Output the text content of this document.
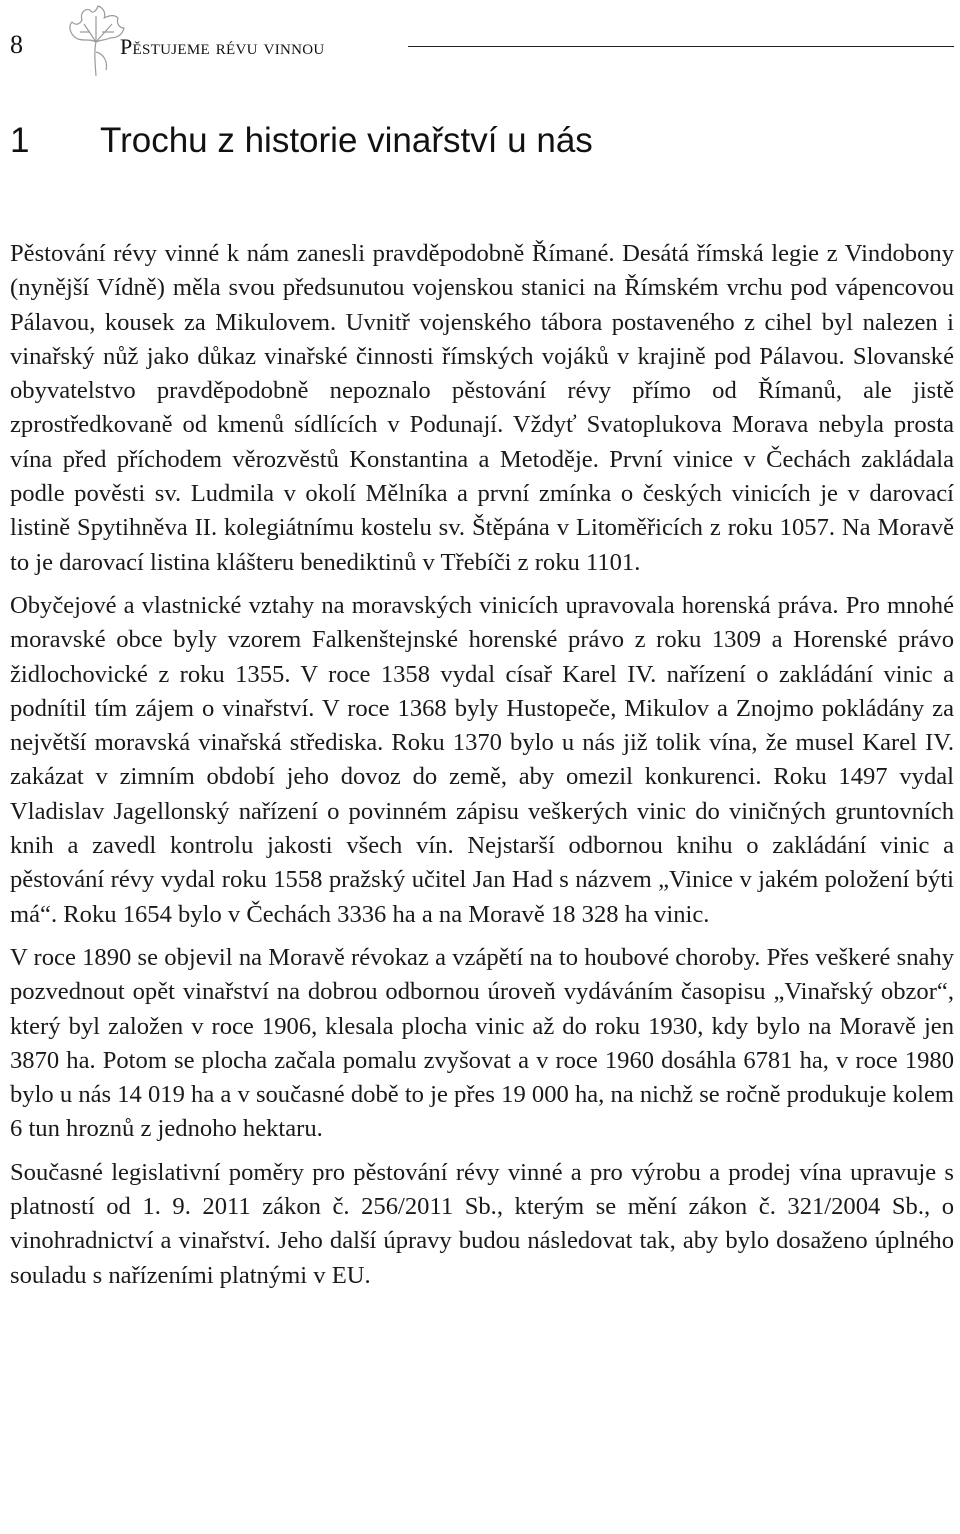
8	Pěstujeme révu vinnou
1 Trochu z historie vinařství u nás

Pěstování révy vinné k nám zanesli pravděpodobně Římané. Desátá římská legie z Vindobony (nynější Vídně) měla svou předsunutou vojenskou stanici na Římském vrchu pod vápencovou Pálavou, kousek za Mikulovem. Uvnitř vojenského tábora postaveného z cihel byl nalezen i vinařský nůž jako důkaz vinařské činnosti římských vojáků v krajině pod Pálavou. Slovanské obyvatelstvo pravděpodobně nepoznalo pěstování révy přímo od Římanů, ale jistě zprostředkovaně od kmenů sídlících v Podunají. Vždyť Svatoplukova Morava nebyla prosta vína před příchodem věrozvěstů Konstantina a Metoděje. První vinice v Čechách zakládala podle pověsti sv. Ludmila v okolí Mělníka a první zmínka o českých vinicích je v darovací listině Spytihněva II. kolegiátnímu kostelu sv. Štěpána v Litoměřicích z roku 1057. Na Moravě to je darovací listina klášteru benediktinů v Třebíči z roku 1101.

Obyčejové a vlastnické vztahy na moravských vinicích upravovala horenská práva. Pro mnohé moravské obce byly vzorem Falkenštejnské horenské právo z roku 1309 a Horenské právo židlochovické z roku 1355. V roce 1358 vydal císař Karel IV. nařízení o zakládání vinic a podnítil tím zájem o vinařství. V roce 1368 byly Hustopeče, Mikulov a Znojmo pokládány za největší moravská vinařská střediska. Roku 1370 bylo u nás již tolik vína, že musel Karel IV. zakázat v zimním období jeho dovoz do země, aby omezil konkurenci. Roku 1497 vydal Vladislav Jagellonský nařízení o povinném zápisu veškerých vinic do viničných gruntovních knih a zavedl kontrolu jakosti všech vín. Nejstarší odbornou knihu o zakládání vinic a pěstování révy vydal roku 1558 pražský učitel Jan Had s názvem „Vinice v jakém položení býti má“. Roku 1654 bylo v Čechách 3336 ha a na Moravě 18 328 ha vinic.

V roce 1890 se objevil na Moravě révokaz a vzápětí na to houbové choroby. Přes veškeré snahy pozvednout opět vinařství na dobrou odbornou úroveň vydáváním časopisu „Vinařský obzor“, který byl založen v roce 1906, klesala plocha vinic až do roku 1930, kdy bylo na Moravě jen 3870 ha. Potom se plocha začala pomalu zvyšovat a v roce 1960 dosáhla 6781 ha, v roce 1980 bylo u nás 14 019 ha a v současné době to je přes 19 000 ha, na nichž se ročně produkuje kolem 6 tun hroznů z jednoho hektaru.

Současné legislativní poměry pro pěstování révy vinné a pro výrobu a prodej vína upravuje s platností od 1. 9. 2011 zákon č. 256/2011 Sb., kterým se mění zákon č. 321/2004 Sb., o vinohradnictví a vinařství. Jeho další úpravy budou následovat tak, aby bylo dosaženo úplného souladu s nařízeními platnými v EU.
